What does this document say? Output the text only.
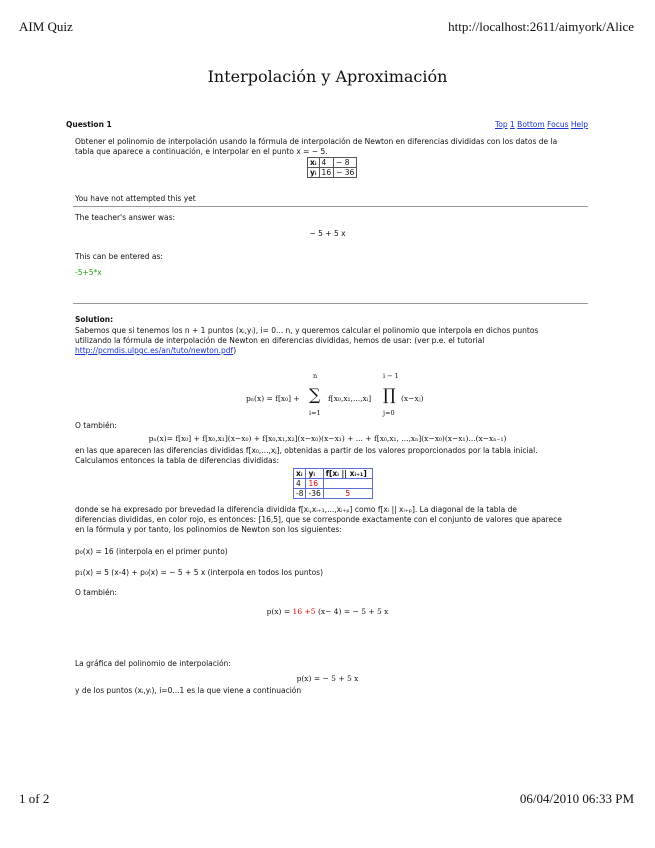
AIM Quiz	http://localhost:2611/aimyork/Alice
Interpolación y Aproximación
Question 1	Top 1 Bottom Focus Help
Obtener el polinomio de interpolación usando la fórmula de interpolación de Newton en diferencias divididas con los datos de la
tabla que aparece a continuación, e interpolar en el punto x = − 5.
xᵢ	4	− 8
yᵢ	16	− 36
You have not attempted this yet
The teacher's answer was:
− 5 + 5 x
This can be entered as:
-5+5*x
Solution:
Sabemos que si tenemos los n + 1 puntos (xᵢ,yᵢ), i= 0... n, y queremos calcular el polinomio que interpola en dichos puntos
utilizando la fórmula de interpolación de Newton en diferencias divididas, hemos de usar: (ver p.e. el tutorial
http://pcmdis.ulpgc.es/an/tuto/newton.pdf)
pₙ(x) = f[x₀] +
n
∑
i=1
f[x₀,x₁,...,xᵢ]
i − 1
∏
j=0
(x−xⱼ)
O también:
pₙ(x)= f[x₀] + f[x₀,x₁](x−x₀) + f[x₀,x₁,x₂](x−x₀)(x−x₁) + ... + f[x₀,x₁, ...,xₙ](x−x₀)(x−x₁)...(x−xₙ₋₁)
en las que aparecen las diferencias divididas f[x₀,...,xⱼ], obtenidas a partir de los valores proporcionados por la tabla inicial.
Calculamos entonces la tabla de diferencias divididas:
xᵢ	yᵢ	f[xᵢ || xᵢ₊₁]
4	16	
-8	-36	5
donde se ha expresado por brevedad la diferencia dividida f[xᵢ,xᵢ₊₁,...,xᵢ₊ₚ] como f[xᵢ || xᵢ₊ₚ]. La diagonal de la tabla de
diferencias divididas, en color rojo, es entonces: [16,5], que se corresponde exactamente con el conjunto de valores que aparece
en la fórmula y por tanto, los polinomios de Newton son los siguientes:
p₀(x) = 16 (interpola en el primer punto)
p₁(x) = 5 (x-4) + p₀(x) = − 5 + 5 x (interpola en todos los puntos)
O también:
p(x) = 16 +5 (x− 4) = − 5 + 5 x
La gráfica del polinomio de interpolación:
p(x) = − 5 + 5 x
y de los puntos (xᵢ,yᵢ), i=0...1 es la que viene a continuación
1 of 2	06/04/2010 06:33 PM
